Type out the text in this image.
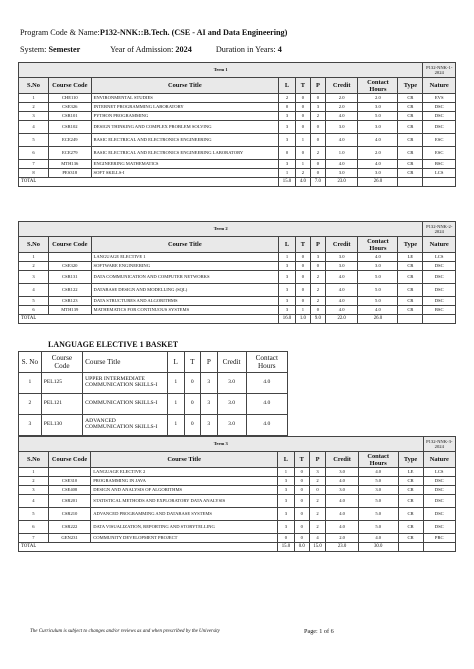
Program Code & Name:P132-NNK::B.Tech. (CSE - AI and Data Engineering)
System: Semester	Year of Admission: 2024	Duration in Years: 4
Term 1									P132-NNK-1-2024
S.No	Course Code	Course Title	L	T	P	Credit	Contact Hours	Type	Nature
1	CHE110	ENVIRONMENTAL STUDIES	2	0	0	2.0	2.0	CR	EVS
2	CSE326	INTERNET PROGRAMMING LABORATORY	0	0	3	2.0	3.0	CR	DSC
3	CSR101	PYTHON PROGRAMMING	3	0	2	4.0	5.0	CR	DSC
4	CSR102	DESIGN THINKING AND COMPLEX PROBLEM SOLVING	3	0	0	3.0	3.0	CR	DSC
5	ECE249	BASIC ELECTRICAL AND ELECTRONICS ENGINEERING	3	1	0	4.0	4.0	CR	ESC
6	ECE279	BASIC ELECTRICAL AND ELECTRONICS ENGINEERING LABORATORY	0	0	2	1.0	2.0	CR	ESC
7	MTH136	ENGINEERING MATHEMATICS	3	1	0	4.0	4.0	CR	BSC
8	PES318	SOFT SKILLS-I	1	2	0	3.0	3.0	CR	LCS
TOTAL			15.0	4.0	7.0	23.0	26.0		
Term 2									P132-NNK-2-2024
S.No	Course Code	Course Title	L	T	P	Credit	Contact Hours	Type	Nature
1		LANGUAGE ELECTIVE 1	1	0	3	3.0	4.0	LE	LCS
2	CSE320	SOFTWARE ENGINEERING	3	0	0	3.0	3.0	CR	DSC
3	CSR131	DATA COMMUNICATION AND COMPUTER NETWORKS	3	0	2	4.0	5.0	CR	DSC
4	CSR122	DATABASE DESIGN AND MODELLING (SQL)	3	0	2	4.0	5.0	CR	DSC
5	CSR123	DATA STRUCTURES AND ALGORITHMS	3	0	2	4.0	5.0	CR	DSC
6	MTH139	MATHEMATICS FOR CONTINUOUS SYSTEMS	3	1	0	4.0	4.0	CR	BSC
TOTAL			16.0	1.0	9.0	22.0	26.0		
LANGUAGE ELECTIVE 1 BASKET
S. No	Course Code	Course Title	L	T	P	Credit	Contact Hours
1	PEL125	UPPER INTERMEDIATE COMMUNICATION SKILLS-I	1	0	3	3.0	4.0
2	PEL121	COMMUNICATION SKILLS-I	1	0	3	3.0	4.0
3	PEL130	ADVANCED COMMUNICATION SKILLS-I	1	0	3	3.0	4.0
Term 3									P132-NNK-3-2024
S.No	Course Code	Course Title	L	T	P	Credit	Contact Hours	Type	Nature
1		LANGUAGE ELECTIVE 2	1	0	3	3.0	4.0	LE	LCS
2	CSE310	PROGRAMMING IN JAVA	3	0	2	4.0	5.0	CR	DSC
3	CSE408	DESIGN AND ANALYSIS OF ALGORITHMS	3	0	0	3.0	3.0	CR	DSC
4	CSR201	STATISTICAL METHODS AND EXPLORATORY DATA ANALYSIS	3	0	2	4.0	5.0	CR	DSC
5	CSR210	ADVANCED PROGRAMMING AND DATABASE SYSTEMS	3	0	2	4.0	5.0	CR	DSC
6	CSR222	DATA VISUALIZATION, REPORTING AND STORYTELLING	3	0	2	4.0	5.0	CR	DSC
7	GEN231	COMMUNITY DEVELOPMENT PROJECT	0	0	4	2.0	4.0	CR	PRC
TOTAL			15.0	0.0	15.0	23.0	30.0		
The Curriculum is subject to changes and/or reviews as and when prescribed by the University	Page: 1 of 6
